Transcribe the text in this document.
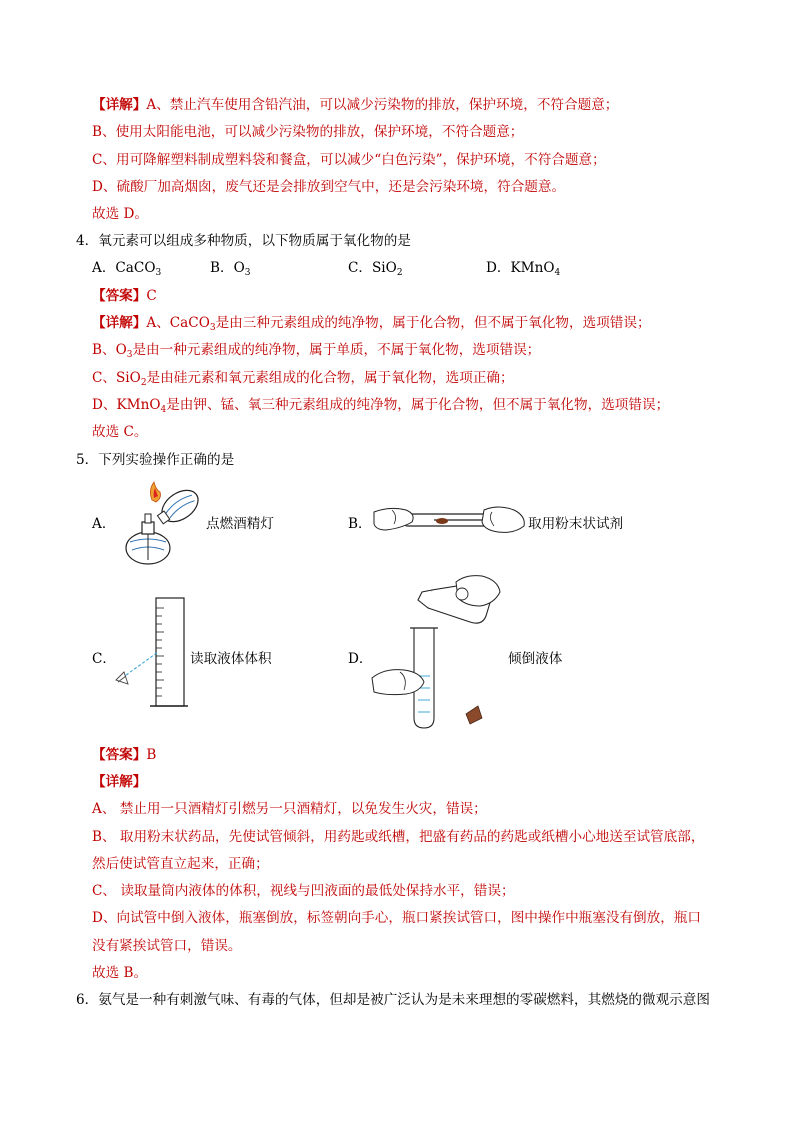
【详解】A、禁止汽车使用含铅汽油，可以减少污染物的排放，保护环境，不符合题意；
B、使用太阳能电池，可以减少污染物的排放，保护环境，不符合题意；
C、用可降解塑料制成塑料袋和餐盒，可以减少“白色污染”，保护环境，不符合题意；
D、硫酸厂加高烟囱，废气还是会排放到空气中，还是会污染环境，符合题意。
故选 D。
4．氧元素可以组成多种物质，以下物质属于氧化物的是
A．CaCO$_3$	B．$O_3$	C．SiO$_2$	D．KMnO$_4$
【答案】C
【详解】A、CaCO$_3$是由三种元素组成的纯净物，属于化合物，但不属于氧化物，选项错误；
B、$O_3$是由一种元素组成的纯净物，属于单质，不属于氧化物，选项错误；
C、SiO$_2$是由硅元素和氧元素组成的化合物，属于氧化物，选项正确；
D、KMnO$_4$是由钾、锰、氧三种元素组成的纯净物，属于化合物，但不属于氧化物，选项错误；
故选 C。
5．下列实验操作正确的是
A．	点燃酒精灯	B．	取用粉末状试剂
C．	读取液体体积	D．	倾倒液体
【答案】B
【详解】
A、 禁止用一只酒精灯引燃另一只酒精灯，以免发生火灾，错误；
B、 取用粉末状药品，先使试管倾斜，用药匙或纸槽，把盛有药品的药匙或纸槽小心地送至试管底部，
然后使试管直立起来，正确；
C、 读取量筒内液体的体积，视线与凹液面的最低处保持水平，错误；
D、向试管中倒入液体，瓶塞倒放，标签朝向手心，瓶口紧挨试管口，图中操作中瓶塞没有倒放，瓶口
没有紧挨试管口，错误。
故选 B。
6．氨气是一种有刺激气味、有毒的气体，但却是被广泛认为是未来理想的零碳燃料，其燃烧的微观示意图
